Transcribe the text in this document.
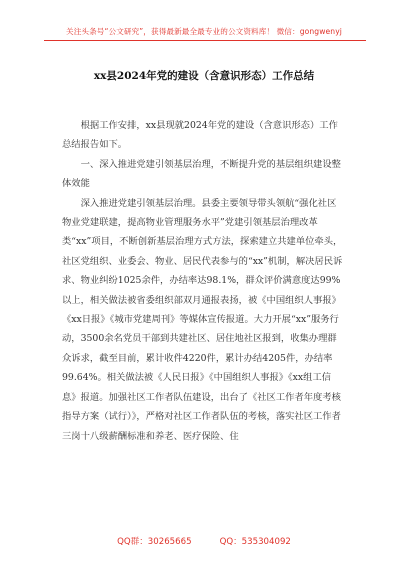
关注头条号“公文研究”，获得最新最全最专业的公文资料库！ 微信：gongwenyj
xx县2024年党的建设（含意识形态）工作总结

根据工作安排，xx县现就2024年党的建设（含意识形态）工作总结报告如下。

一、深入推进党建引领基层治理，不断提升党的基层组织建设整体效能

深入推进党建引领基层治理。县委主要领导带头领航“强化社区物业党建联建，提高物业管理服务水平”党建引领基层治理改革类“xx”项目，不断创新基层治理方式方法，探索建立共建单位牵头，社区党组织、业委会、物业、居民代表参与的“xx”机制，解决居民诉求、物业纠纷1025余件，办结率达98.1%，群众评价满意度达99%以上，相关做法被省委组织部双月通报表扬，被《中国组织人事报》《xx日报》《城市党建周刊》等媒体宣传报道。大力开展“xx”服务行动，3500余名党员干部到共建社区、居住地社区报到，收集办理群众诉求，截至目前，累计收件4220件，累计办结4205件，办结率99.64%。相关做法被《人民日报》《中国组织人事报》《xx组工信息》报道。加强社区工作者队伍建设，出台了《社区工作者年度考核指导方案（试行）》，严格对社区工作者队伍的考核，落实社区工作者三岗十八级薪酬标准和养老、医疗保险、住

QQ群：30265665	QQ：535304092
